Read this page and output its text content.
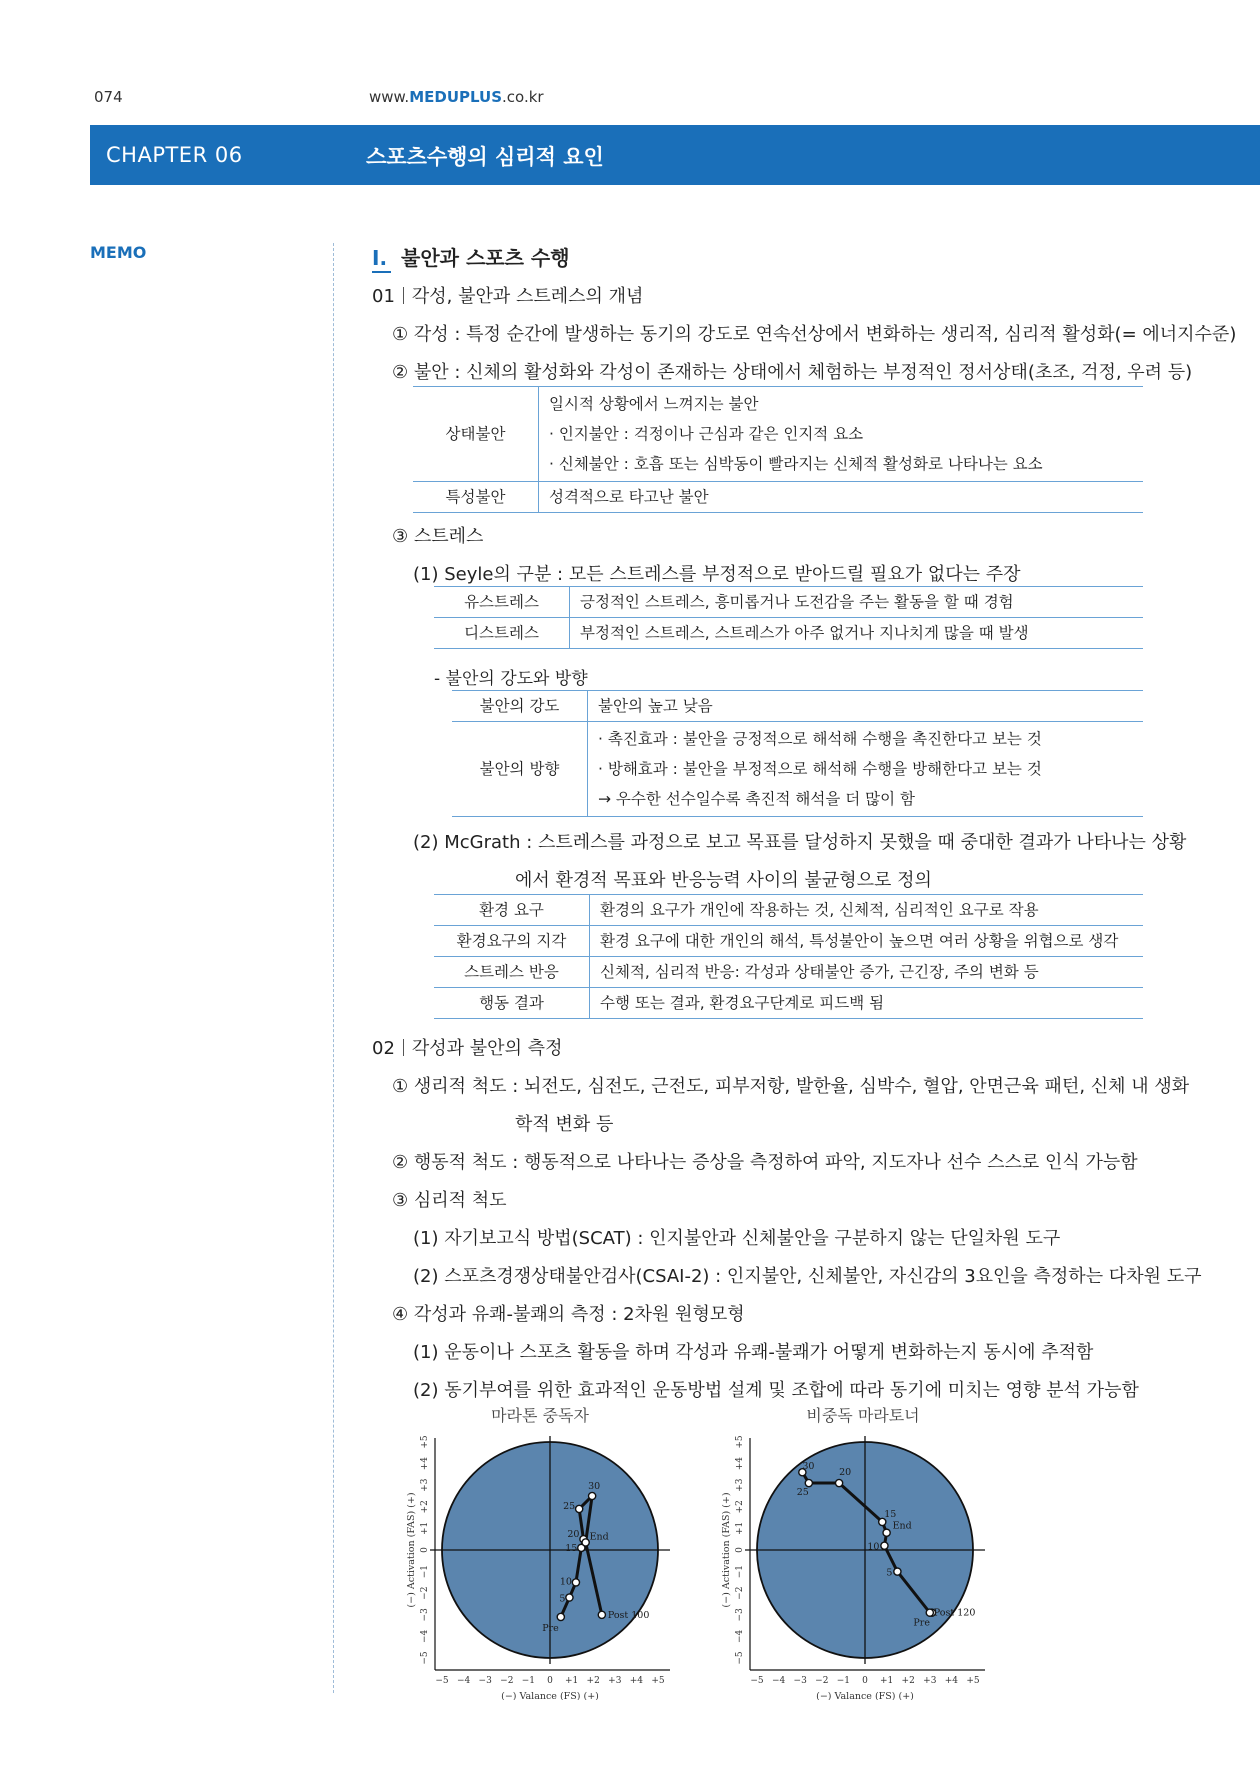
074	www.MEDUPLUS.co.kr
CHAPTER 06	스포츠수행의 심리적 요인
MEMO	Ⅰ. 불안과 스포츠 수행
01 각성, 불안과 스트레스의 개념
① 각성 : 특정 순간에 발생하는 동기의 강도로 연속선상에서 변화하는 생리적, 심리적 활성화(= 에너지수준)
② 불안 : 신체의 활성화와 각성이 존재하는 상태에서 체험하는 부정적인 정서상태(초조, 걱정, 우려 등)
상태불안	일시적 상황에서 느껴지는 불안
· 인지불안 : 걱정이나 근심과 같은 인지적 요소
· 신체불안 : 호흡 또는 심박동이 빨라지는 신체적 활성화로 나타나는 요소

특성불안	성격적으로 타고난 불안
③ 스트레스
(1) Seyle의 구분 : 모든 스트레스를 부정적으로 받아드릴 필요가 없다는 주장
유스트레스	긍정적인 스트레스, 흥미롭거나 도전감을 주는 활동을 할 때 경험
디스트레스	부정적인 스트레스, 스트레스가 아주 없거나 지나치게 많을 때 발생
- 불안의 강도와 방향
불안의 강도	불안의 높고 낮음
불안의 방향	· 촉진효과 : 불안을 긍정적으로 해석해 수행을 촉진한다고 보는 것
· 방해효과 : 불안을 부정적으로 해석해 수행을 방해한다고 보는 것
→ 우수한 선수일수록 촉진적 해석을 더 많이 함
(2) McGrath : 스트레스를 과정으로 보고 목표를 달성하지 못했을 때 중대한 결과가 나타나는 상황
에서 환경적 목표와 반응능력 사이의 불균형으로 정의
환경 요구	환경의 요구가 개인에 작용하는 것, 신체적, 심리적인 요구로 작용
환경요구의 지각	환경 요구에 대한 개인의 해석, 특성불안이 높으면 여러 상황을 위협으로 생각
스트레스 반응	신체적, 심리적 반응: 각성과 상태불안 증가, 근긴장, 주의 변화 등
행동 결과	수행 또는 결과, 환경요구단계로 피드백 됨
02 각성과 불안의 측정
① 생리적 척도 : 뇌전도, 심전도, 근전도, 피부저항, 발한율, 심박수, 혈압, 안면근육 패턴, 신체 내 생화
학적 변화 등
② 행동적 척도 : 행동적으로 나타나는 증상을 측정하여 파악, 지도자나 선수 스스로 인식 가능함
③ 심리적 척도
(1) 자기보고식 방법(SCAT) : 인지불안과 신체불안을 구분하지 않는 단일차원 도구
(2) 스포츠경쟁상태불안검사(CSAI-2) : 인지불안, 신체불안, 자신감의 3요인을 측정하는 다차원 도구
④ 각성과 유쾌-불쾌의 측정 : 2차원 원형모형
(1) 운동이나 스포츠 활동을 하며 각성과 유쾌-불쾌가 어떻게 변화하는지 동시에 추적함
(2) 동기부여를 위한 효과적인 운동방법 설계 및 조합에 따라 동기에 미치는 영향 분석 가능함
마라톤 중독자	비중독 마라토너
−5 −4 −3 −2 −1 0 +1 +2 +3 +4 +5
−5
−4
−3
−2
−1
0
+1
+2
+3
+4
+5
(−) Valance (FS) (+)
(−) Activation (FAS) (+)
Pre
5
10
15
20
25
30
End
Post 100
−5 −4 −3 −2 −1 0 +1 +2 +3 +4 +5
−5
−4
−3
−2
−1
0
+1
+2
+3
+4
+5
(−) Valance (FS) (+)
(−) Activation (FAS) (+)
Pre
Post 120
5
10
End
15
20
25
30
